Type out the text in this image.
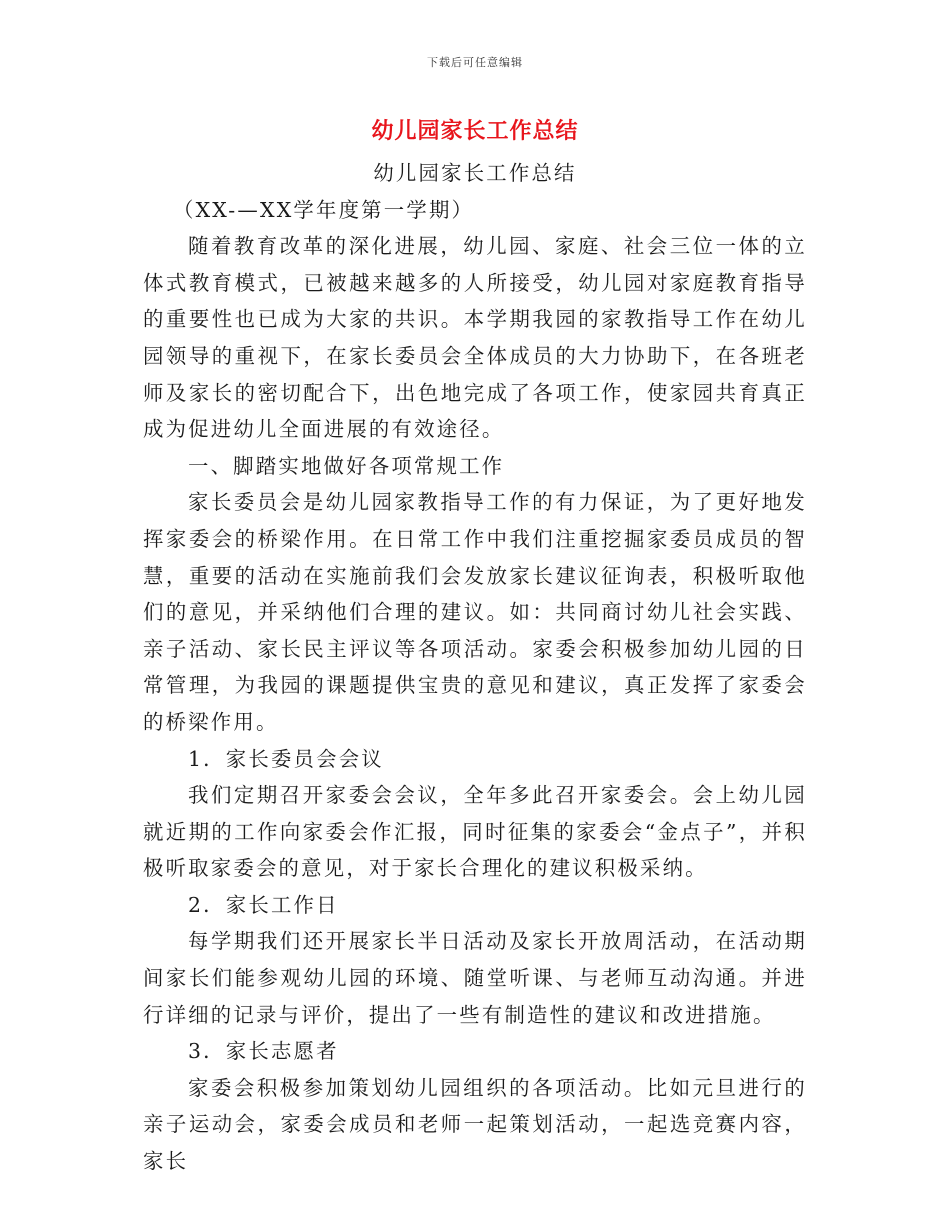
下载后可任意编辑
幼儿园家长工作总结

幼儿园家长工作总结

（XX-—XX学年度第一学期）

随着教育改革的深化进展，幼儿园、家庭、社会三位一体的立体式教育模式，已被越来越多的人所接受，幼儿园对家庭教育指导的重要性也已成为大家的共识。本学期我园的家教指导工作在幼儿园领导的重视下，在家长委员会全体成员的大力协助下，在各班老师及家长的密切配合下，出色地完成了各项工作，使家园共育真正成为促进幼儿全面进展的有效途径。

一、脚踏实地做好各项常规工作

家长委员会是幼儿园家教指导工作的有力保证，为了更好地发挥家委会的桥梁作用。在日常工作中我们注重挖掘家委员成员的智慧，重要的活动在实施前我们会发放家长建议征询表，积极听取他们的意见，并采纳他们合理的建议。如：共同商讨幼儿社会实践、亲子活动、家长民主评议等各项活动。家委会积极参加幼儿园的日常管理，为我园的课题提供宝贵的意见和建议，真正发挥了家委会的桥梁作用。

1．家长委员会会议

我们定期召开家委会会议，全年多此召开家委会。会上幼儿园就近期的工作向家委会作汇报，同时征集的家委会“金点子”，并积极听取家委会的意见，对于家长合理化的建议积极采纳。

2．家长工作日

每学期我们还开展家长半日活动及家长开放周活动，在活动期间家长们能参观幼儿园的环境、随堂听课、与老师互动沟通。并进行详细的记录与评价，提出了一些有制造性的建议和改进措施。

3．家长志愿者

家委会积极参加策划幼儿园组织的各项活动。比如元旦进行的亲子运动会，家委会成员和老师一起策划活动，一起选竞赛内容，家长
